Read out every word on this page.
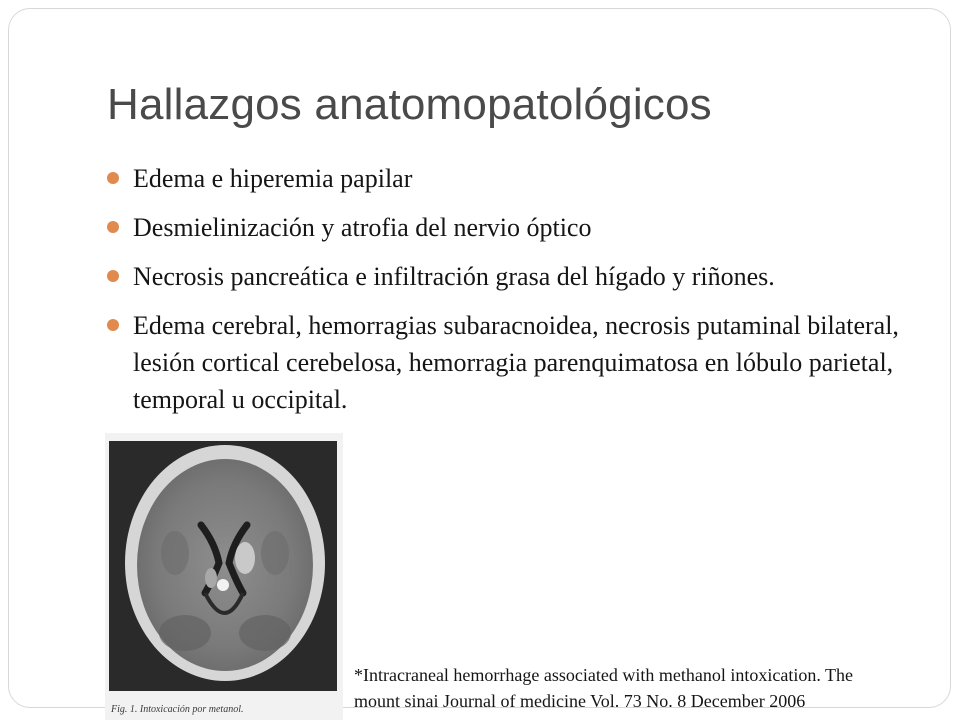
Hallazgos anatomopatológicos
Edema e hiperemia papilar
Desmielinización y atrofia del nervio óptico
Necrosis pancreática e infiltración grasa del hígado y riñones.
Edema cerebral, hemorragias subaracnoidea, necrosis putaminal bilateral, lesión cortical cerebelosa, hemorragia parenquimatosa en lóbulo parietal, temporal u occipital.
Fig. 1. Intoxicación por metanol.
*Intracraneal hemorrhage associated with methanol intoxication. The
mount sinai Journal of medicine Vol. 73 No. 8 December 2006
